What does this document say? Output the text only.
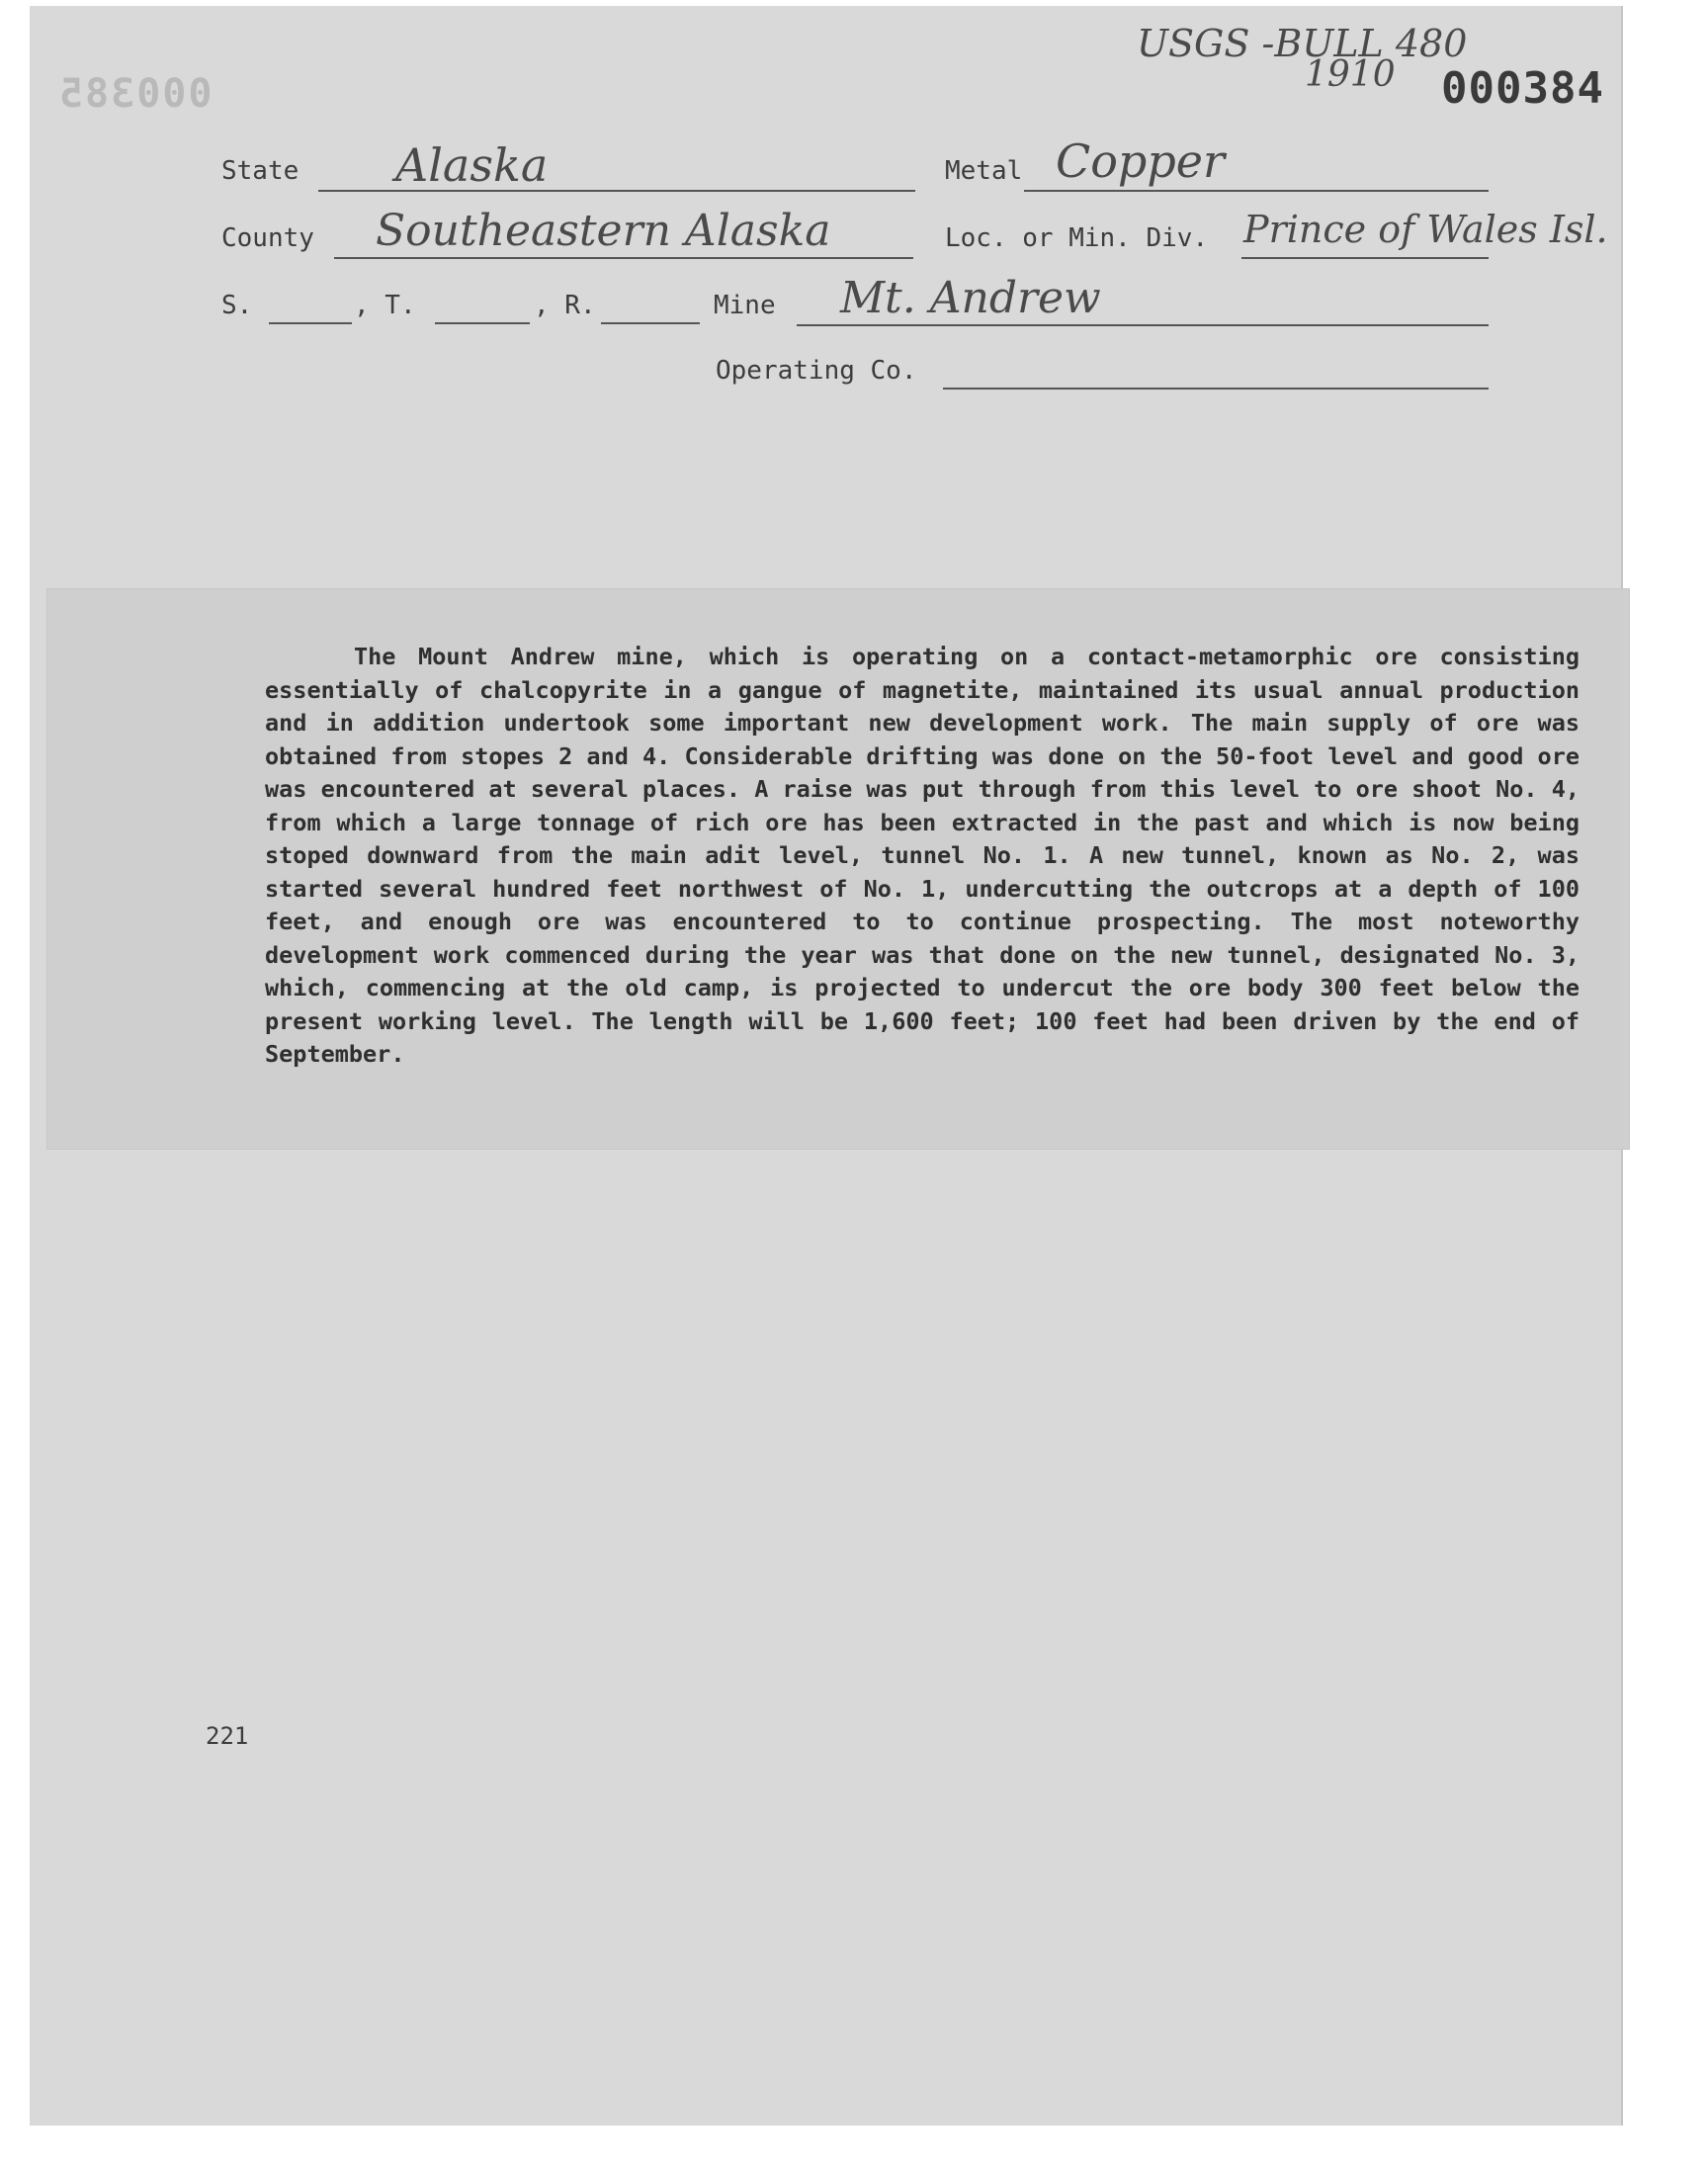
000385
USGS -BULL 480
1910 000384
State Alaska	Metal Copper
County Southeastern Alaska	Loc. or Min. Div. Prince of Wales Isl.
S.	, T.	, R.	Mine Mt. Andrew
Operating Co.

The Mount Andrew mine, which is operating on a contact-metamorphic ore consisting essentially of chalcopyrite in a gangue of magnetite, maintained its usual annual production and in addition undertook some important new development work. The main supply of ore was obtained from stopes 2 and 4. Considerable drifting was done on the 50-foot level and good ore was encountered at several places. A raise was put through from this level to ore shoot No. 4, from which a large tonnage of rich ore has been extracted in the past and which is now being stoped downward from the main adit level, tunnel No. 1. A new tunnel, known as No. 2, was started several hundred feet northwest of No. 1, undercutting the outcrops at a depth of 100 feet, and enough ore was encountered to to continue prospecting. The most noteworthy development work commenced during the year was that done on the new tunnel, designated No. 3, which, commencing at the old camp, is projected to undercut the ore body 300 feet below the present working level. The length will be 1,600 feet; 100 feet had been driven by the end of September.

221
